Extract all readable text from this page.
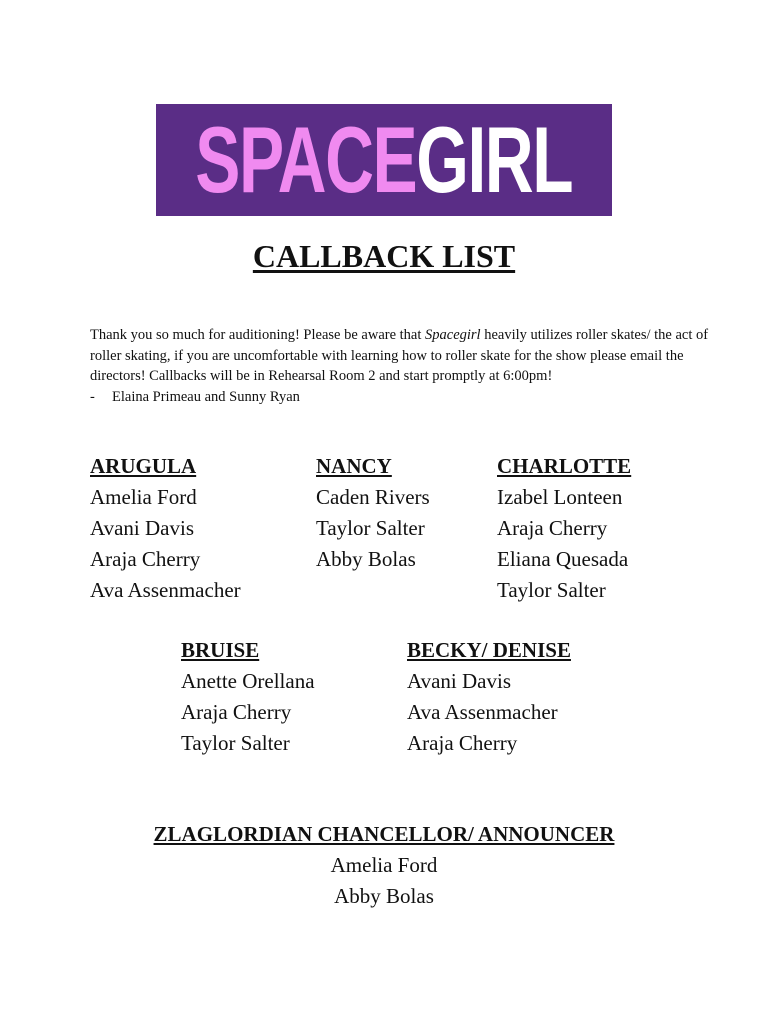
SPACEGIRL
CALLBACK LIST

Thank you so much for auditioning! Please be aware that Spacegirl heavily utilizes roller skates/ the act of roller skating, if you are uncomfortable with learning how to roller skate for the show please email the directors! Callbacks will be in Rehearsal Room 2 and start promptly at 6:00pm!

- Elaina Primeau and Sunny Ryan

ARUGULA
Amelia Ford
Avani Davis
Araja Cherry
Ava Assenmacher
NANCY
Caden Rivers
Taylor Salter
Abby Bolas
CHARLOTTE
Izabel Lonteen
Araja Cherry
Eliana Quesada
Taylor Salter
BRUISE
Anette Orellana
Araja Cherry
Taylor Salter
BECKY/ DENISE
Avani Davis
Ava Assenmacher
Araja Cherry
ZLAGLORDIAN CHANCELLOR/ ANNOUNCER
Amelia Ford
Abby Bolas
